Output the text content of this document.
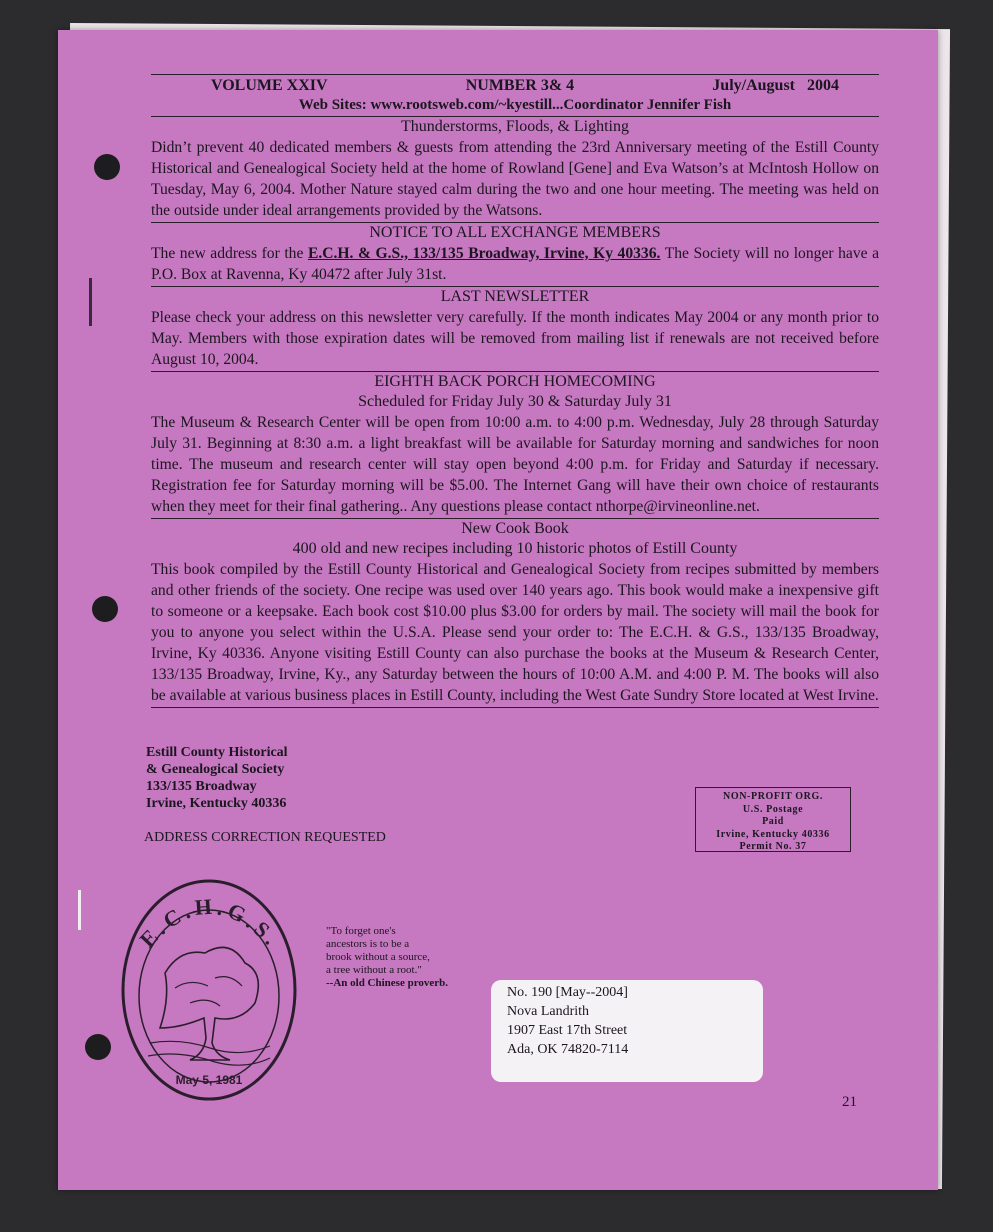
VOLUME XXIV	NUMBER 3& 4	July/August   2004
Web Sites: www.rootsweb.com/~kyestill...Coordinator Jennifer Fish
Thunderstorms, Floods, & Lighting
Didn’t prevent 40 dedicated members & guests from attending the 23rd Anniversary meeting of the Estill County Historical and Genealogical Society held at the home of Rowland [Gene] and Eva Watson’s at McIntosh Hollow on Tuesday, May 6, 2004. Mother Nature stayed calm during the two and one hour meeting. The meeting was held on the outside under ideal arrangements provided by the Watsons.
NOTICE TO ALL EXCHANGE MEMBERS
The new address for the E.C.H. & G.S., 133/135 Broadway, Irvine, Ky 40336. The Society will no longer have a P.O. Box at Ravenna, Ky 40472 after July 31st.
LAST NEWSLETTER
Please check your address on this newsletter very carefully. If the month indicates May 2004 or any month prior to May. Members with those expiration dates will be removed from mailing list if renewals are not received before August 10, 2004.
EIGHTH BACK PORCH HOMECOMING
Scheduled for Friday July 30 & Saturday July 31
The Museum & Research Center will be open from 10:00 a.m. to 4:00 p.m. Wednesday, July 28 through Saturday July 31. Beginning at 8:30 a.m. a light breakfast will be available for Saturday morning and sandwiches for noon time. The museum and research center will stay open beyond 4:00 p.m. for Friday and Saturday if necessary. Registration fee for Saturday morning will be $5.00. The Internet Gang will have their own choice of restaurants when they meet for their final gathering.. Any questions please contact nthorpe@irvineonline.net.
New Cook Book
400 old and new recipes including 10 historic photos of Estill County
This book compiled by the Estill County Historical and Genealogical Society from recipes submitted by members and other friends of the society. One recipe was used over 140 years ago. This book would make a inexpensive gift to someone or a keepsake. Each book cost $10.00 plus $3.00 for orders by mail. The society will mail the book for you to anyone you select within the U.S.A. Please send your order to: The E.C.H. & G.S., 133/135 Broadway, Irvine, Ky 40336. Anyone visiting Estill County can also purchase the books at the Museum & Research Center, 133/135 Broadway, Irvine, Ky., any Saturday between the hours of 10:00 A.M. and 4:00 P. M. The books will also be available at various business places in Estill County, including the West Gate Sundry Store located at West Irvine.
Estill County Historical
& Genealogical Society
133/135 Broadway
Irvine, Kentucky 40336
ADDRESS CORRECTION REQUESTED
NON-PROFIT ORG.
U.S. Postage
Paid
Irvine, Kentucky 40336
Permit No. 37
E.C.H.G.S.
May 5, 1981
"To forget one's
ancestors is to be a
brook without a source,
a tree without a root."
--An old Chinese proverb.
No. 190 [May--2004]
Nova Landrith
1907 East 17th Street
Ada, OK 74820-7114
21
